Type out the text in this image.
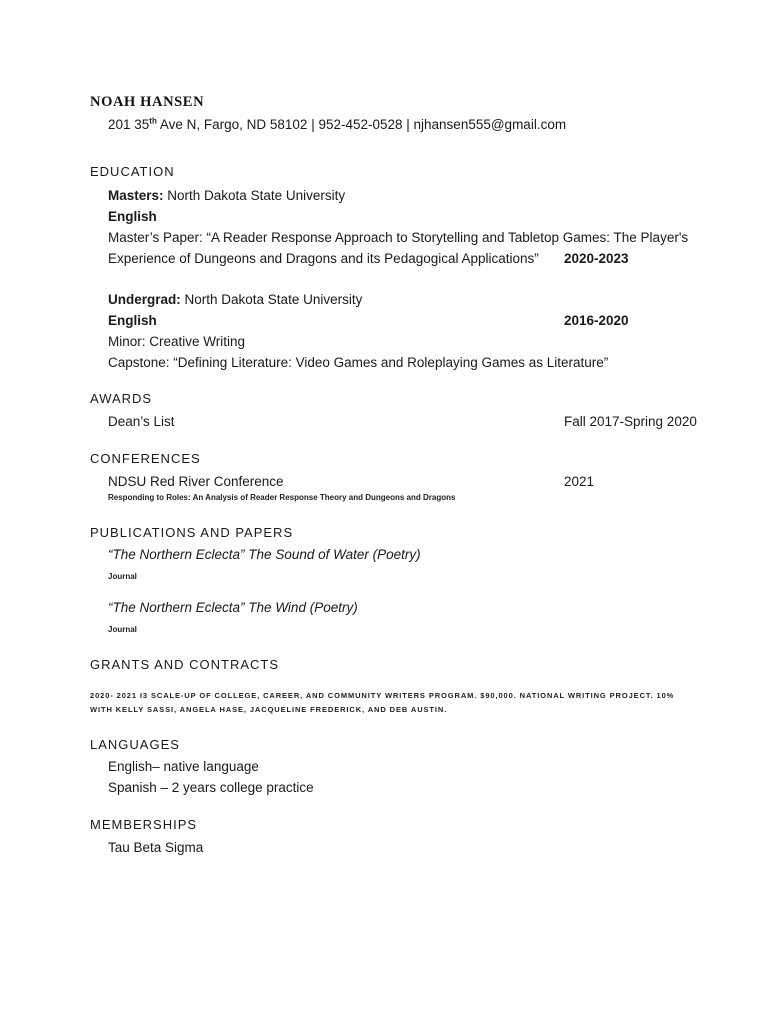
NOAH HANSEN
201 35th Ave N, Fargo, ND 58102 | 952-452-0528 | njhansen555@gmail.com
EDUCATION
Masters: North Dakota State University
English
Master’s Paper: “A Reader Response Approach to Storytelling and Tabletop Games: The Player's
Experience of Dungeons and Dragons and its Pedagogical Applications” 2020-2023
Undergrad: North Dakota State University
English	2016-2020
Minor: Creative Writing
Capstone: “Defining Literature: Video Games and Roleplaying Games as Literature”
AWARDS
Dean’s List	Fall 2017-Spring 2020
CONFERENCES
NDSU Red River Conference	2021
Responding to Roles: An Analysis of Reader Response Theory and Dungeons and Dragons
PUBLICATIONS AND PAPERS
“The Northern Eclecta” The Sound of Water (Poetry)
Journal
“The Northern Eclecta” The Wind (Poetry)
Journal
GRANTS AND CONTRACTS
2020- 2021 I3 SCALE-UP OF COLLEGE, CAREER, AND COMMUNITY WRITERS PROGRAM. $90,000. NATIONAL WRITING PROJECT. 10%
WITH KELLY SASSI, ANGELA HASE, JACQUELINE FREDERICK, AND DEB AUSTIN.
LANGUAGES
English– native language
Spanish – 2 years college practice
MEMBERSHIPS
Tau Beta Sigma
